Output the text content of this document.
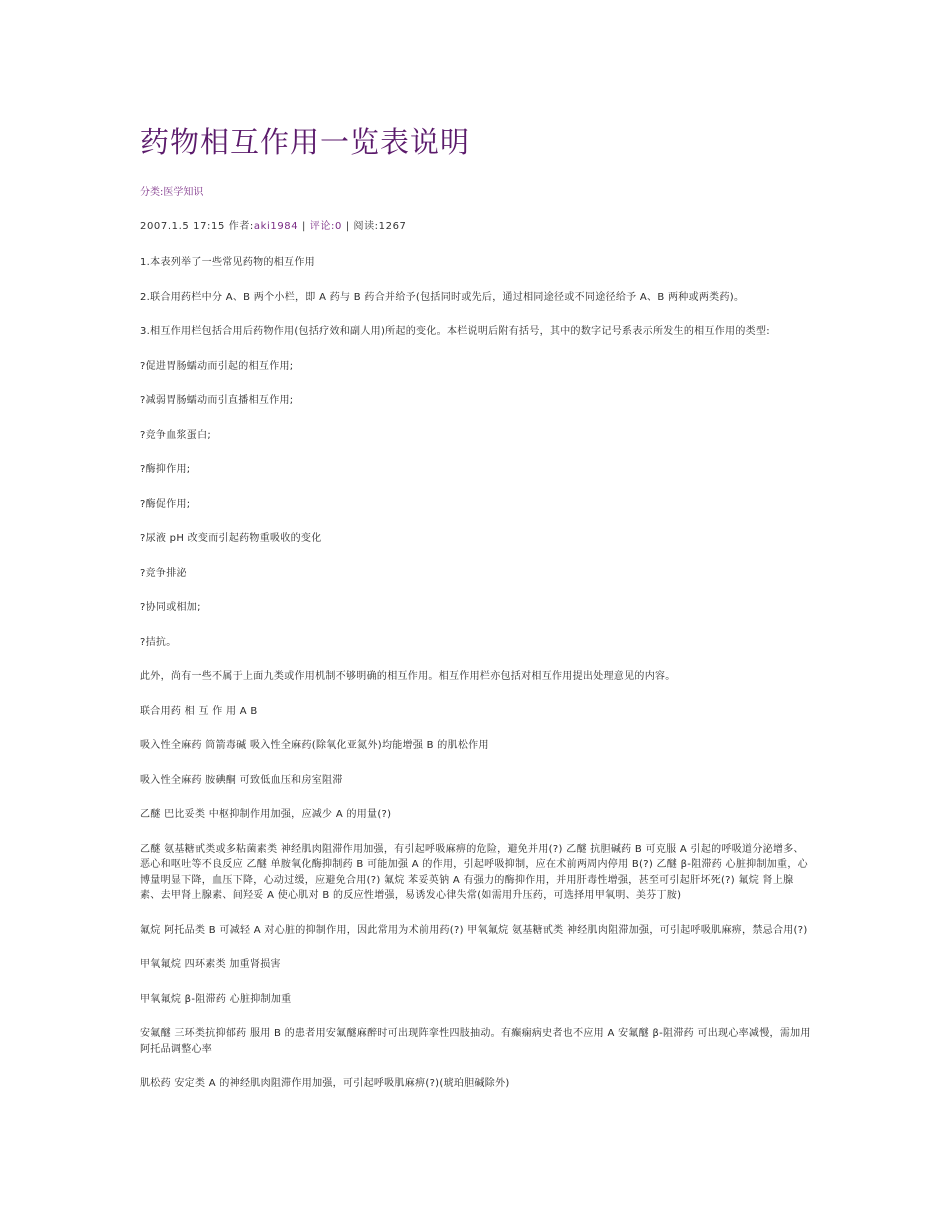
药物相互作用一览表说明
分类:医学知识
2007.1.5 17:15 作者:aki1984 | 评论:0 | 阅读:1267

1.本表列举了一些常见药物的相互作用

2.联合用药栏中分 A、B 两个小栏，即 A 药与 B 药合并给予(包括同时或先后，通过相同途径或不同途径给予 A、B 两种或两类药)。

3.相互作用栏包括合用后药物作用(包括疗效和副人用)所起的变化。本栏说明后附有括号，其中的数字记号系表示所发生的相互作用的类型:

?促进胃肠蠕动而引起的相互作用;

?减弱胃肠蠕动而引直播相互作用;

?竞争血浆蛋白;

?酶抑作用;

?酶促作用;

?尿液 pH 改变而引起药物重吸收的变化

?竞争排泌

?协同或相加;

?拮抗。

此外，尚有一些不属于上面九类或作用机制不够明确的相互作用。相互作用栏亦包括对相互作用提出处理意见的内容。

联合用药 相 互 作 用 A B

吸入性全麻药 筒箭毒碱 吸入性全麻药(除氧化亚氮外)均能增强 B 的肌松作用

吸入性全麻药 胺碘酮 可致低血压和房室阻滞

乙醚 巴比妥类 中枢抑制作用加强，应减少 A 的用量(?)

乙醚 氨基糖甙类或多粘菌素类 神经肌肉阻滞作用加强，有引起呼吸麻痹的危险，避免并用(?) 乙醚 抗胆碱药 B 可克服 A 引起的呼吸道分泌增多、恶心和呕吐等不良反应 乙醚 单胺氧化酶抑制药 B 可能加强 A 的作用，引起呼吸抑制，应在术前两周内停用 B(?) 乙醚 β-阻滞药 心脏抑制加重，心博量明显下降，血压下降，心动过缓，应避免合用(?) 氟烷 苯妥英钠 A 有强力的酶抑作用，并用肝毒性增强，甚至可引起肝坏死(?) 氟烷 肾上腺素、去甲肾上腺素、间羟妥 A 使心肌对 B 的反应性增强，易诱发心律失常(如需用升压药，可选择用甲氧明、美芬丁胺)

氟烷 阿托品类 B 可减轻 A 对心脏的抑制作用，因此常用为术前用药(?) 甲氧氟烷 氨基糖甙类 神经肌肉阻滞加强，可引起呼吸肌麻痹，禁忌合用(?)

甲氧氟烷 四环素类 加重肾损害

甲氧氟烷 β-阻滞药 心脏抑制加重

安氟醚 三环类抗抑郁药 服用 B 的患者用安氟醚麻醉时可出现阵挛性四肢抽动。有癫痫病史者也不应用 A 安氟醚 β-阻滞药 可出现心率减慢，需加用阿托品调整心率

肌松药 安定类 A 的神经肌肉阻滞作用加强，可引起呼吸肌麻痹(?)(琥珀胆碱除外)
